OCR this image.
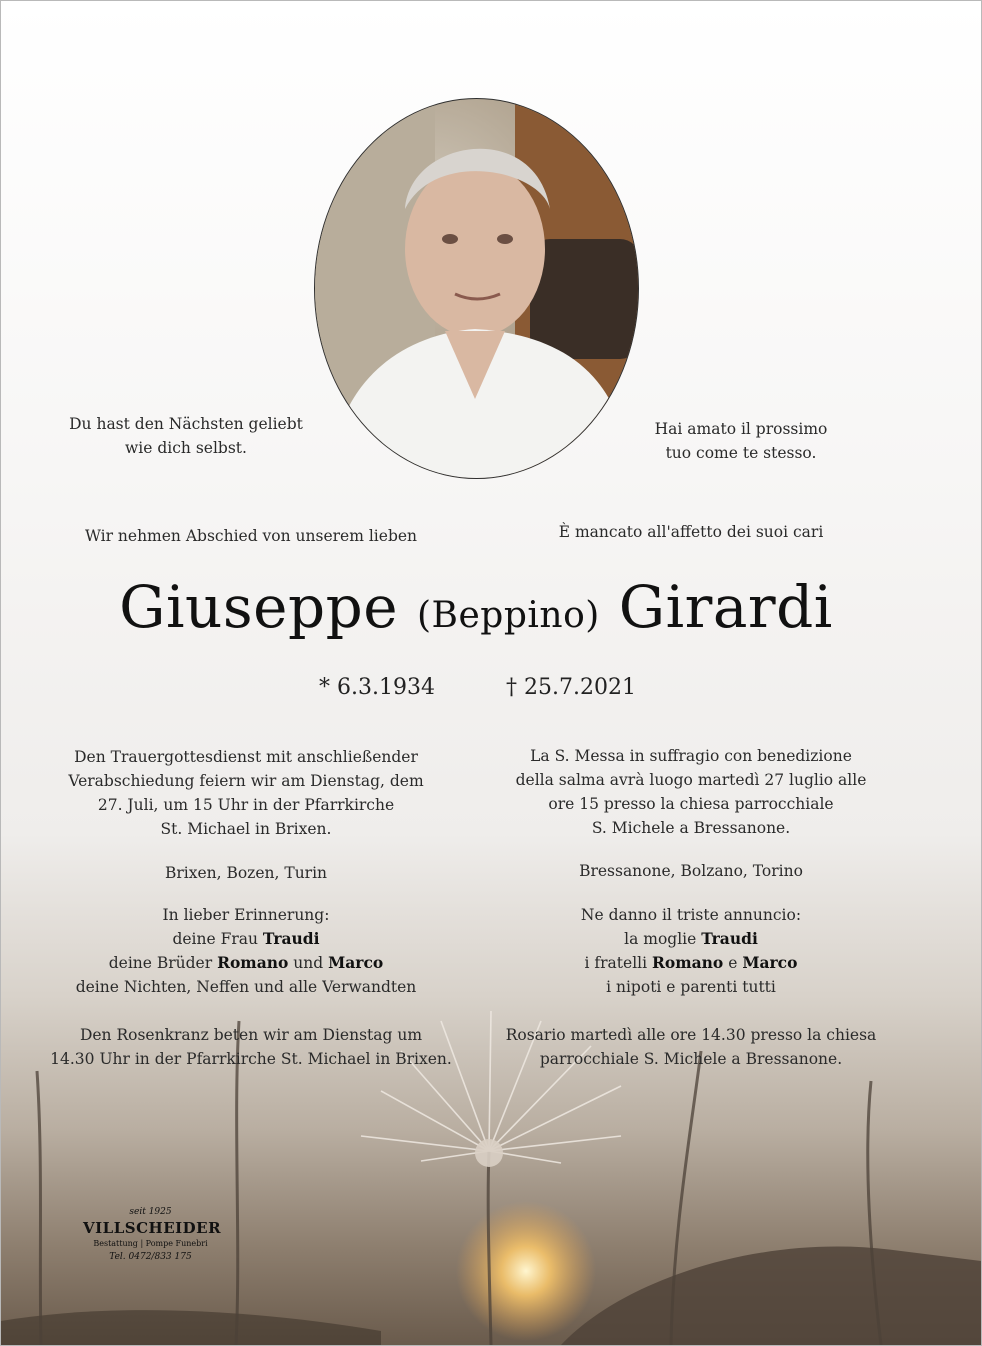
Du hast den Nächsten geliebt
wie dich selbst.
Hai amato il prossimo
tuo come te stesso.
Wir nehmen Abschied von unserem lieben	È mancato all'affetto dei suoi cari
Giuseppe (Beppino) Girardi
* 6.3.1934	† 25.7.2021
Den Trauergottesdienst mit anschließender
Verabschiedung feiern wir am Dienstag, dem
27. Juli, um 15 Uhr in der Pfarrkirche
St. Michael in Brixen.
La S. Messa in suffragio con benedizione
della salma avrà luogo martedì 27 luglio alle
ore 15 presso la chiesa parrocchiale
S. Michele a Bressanone.
Brixen, Bozen, Turin	Bressanone, Bolzano, Torino
In lieber Erinnerung:
deine Frau Traudi
deine Brüder Romano und Marco
deine Nichten, Neffen und alle Verwandten
Ne danno il triste annuncio:
la moglie Traudi
i fratelli Romano e Marco
i nipoti e parenti tutti
Den Rosenkranz beten wir am Dienstag um
14.30 Uhr in der Pfarrkirche St. Michael in Brixen.
Rosario martedì alle ore 14.30 presso la chiesa
parrocchiale S. Michele a Bressanone.
seit 1925
VILLSCHEIDER
Bestattung | Pompe Funebri
Tel. 0472/833 175
